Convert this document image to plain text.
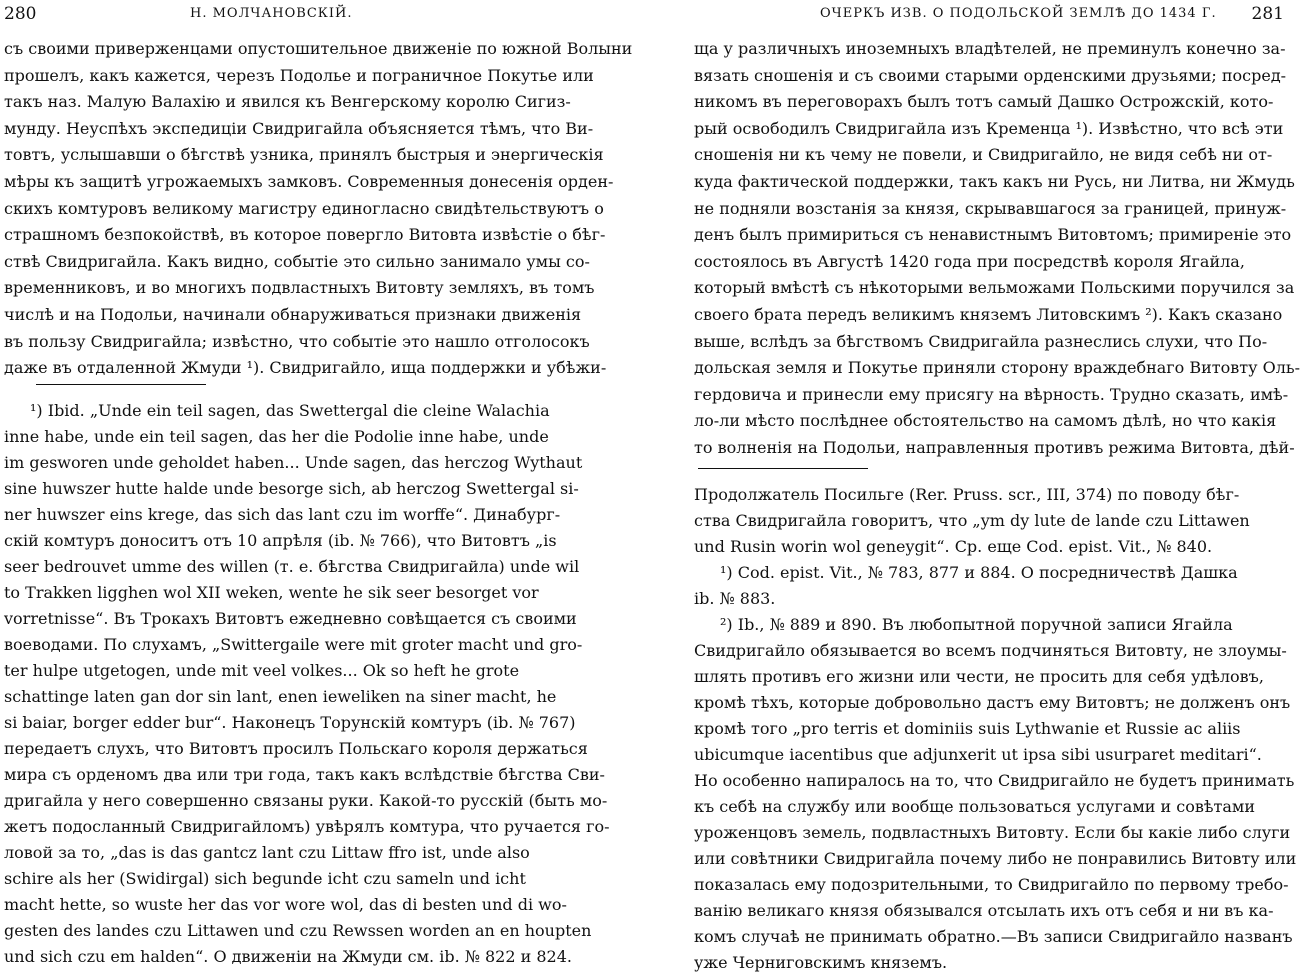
280	Н. МОЛЧАНОВСКIЙ.
съ своими приверженцами опустошительное движенiе по южной Волыни
прошелъ, какъ кажется, черезъ Подолье и пограничное Покутье или
такъ наз. Малую Валахiю и явился къ Венгерскому королю Сигиз-
мунду. Неуспѣхъ экспедицiи Свидригайла объясняется тѣмъ, что Ви-
товтъ, услышавши о бѣгствѣ узника, принялъ быстрыя и энергическiя
мѣры къ защитѣ угрожаемыхъ замковъ. Современныя донесенiя орден-
скихъ комтуровъ великому магистру единогласно свидѣтельствуютъ о
страшномъ безпокойствѣ, въ которое повергло Витовта извѣстiе о бѣг-
ствѣ Свидригайла. Какъ видно, событiе это сильно занимало умы со-
временниковъ, и во многихъ подвластныхъ Витовту земляхъ, въ томъ
числѣ и на Подольи, начинали обнаруживаться признаки движенiя
въ пользу Свидригайла; извѣстно, что событiе это нашло отголосокъ
даже въ отдаленной Жмуди ¹). Свидригайло, ища поддержки и убѣжи-
¹) Ibid. „Unde ein teil sagen, das Swettergal die cleine Walachia
inne habe, unde ein teil sagen, das her die Podolie inne habe, unde
im gesworen unde geholdet haben... Unde sagen, das herczog Wythaut
sine huwszer hutte halde unde besorge sich, ab herczog Swettergal si-
ner huwszer eins krege, das sich das lant czu im worffe“. Динабург-
скiй комтуръ доноситъ отъ 10 апрѣля (ib. № 766), что Витовтъ „is
seer bedrouvet umme des willen (т. е. бѣгства Свидригайла) unde wil
to Trakken ligghen wol XII weken, wente he sik seer besorget vor
vorretnisse“. Въ Трокахъ Витовтъ ежедневно совѣщается съ своими
воеводами. По слухамъ, „Swittergaile were mit groter macht und gro-
ter hulpe utgetogen, unde mit veel volkes... Ok so heft he grote
schattinge laten gan dor sin lant, enen ieweliken na siner macht, he
si baiar, borger edder bur“. Наконецъ Торунскiй комтуръ (ib. № 767)
передаетъ слухъ, что Витовтъ просилъ Польскаго короля держаться
мира съ орденомъ два или три года, такъ какъ вслѣдствiе бѣгства Сви-
дригайла у него совершенно связаны руки. Какой-то русскiй (быть мо-
жетъ подосланный Свидригайломъ) увѣрялъ комтура, что ручается го-
ловой за то, „das is das gantcz lant czu Littaw ffro ist, unde also
schire als her (Swidirgal) sich begunde icht czu sameln und icht
macht hette, so wuste her das vor wore wol, das di besten und di wo-
gesten des landes czu Littawen und czu Rewssen worden an en houpten
und sich czu em halden“. О движенiи на Жмуди см. ib. № 822 и 824.
ОЧЕРКЪ ИЗВ. О ПОДОЛЬСКОЙ ЗЕМЛѢ ДО 1434 Г. 281
ща у различныхъ иноземныхъ владѣтелей, не преминулъ конечно за-
вязать сношенiя и съ своими старыми орденскими друзьями; посред-
никомъ въ переговорахъ былъ тотъ самый Дашко Острожскiй, кото-
рый освободилъ Свидригайла изъ Кременца ¹). Извѣстно, что всѣ эти
сношенiя ни къ чему не повели, и Свидригайло, не видя себѣ ни от-
куда фактической поддержки, такъ какъ ни Русь, ни Литва, ни Жмудь
не подняли возстанiя за князя, скрывавшагося за границей, принуж-
денъ былъ примириться съ ненавистнымъ Витовтомъ; примиренiе это
состоялось въ Августѣ 1420 года при посредствѣ короля Ягайла,
который вмѣстѣ съ нѣкоторыми вельможами Польскими поручился за
своего брата передъ великимъ княземъ Литовскимъ ²). Какъ сказано
выше, вслѣдъ за бѣгствомъ Свидригайла разнеслись слухи, что По-
дольская земля и Покутье приняли сторону враждебнаго Витовту Оль-
гердовича и принесли ему присягу на вѣрность. Трудно сказать, имѣ-
ло-ли мѣсто послѣднее обстоятельство на самомъ дѣлѣ, но что какiя
то волненiя на Подольи, направленныя противъ режима Витовта, дѣй-
Продолжатель Посильге (Rer. Pruss. scr., III, 374) по поводу бѣг-
ства Свидригайла говоритъ, что „ym dy lute de lande czu Littawen
und Rusin worin wol geneygit“. Ср. еще Cod. epist. Vit., № 840.
¹) Cod. epist. Vit., № 783, 877 и 884. О посредничествѣ Дашка
ib. № 883.
²) Ib., № 889 и 890. Въ любопытной поручной записи Ягайла
Свидригайло обязывается во всемъ подчиняться Витовту, не злоумы-
шлять противъ его жизни или чести, не просить для себя удѣловъ,
кромѣ тѣхъ, которые добровольно дастъ ему Витовтъ; не долженъ онъ
кромѣ того „pro terris et dominiis suis Lythwanie et Russie ac aliis
ubicumque iacentibus que adjunxerit ut ipsa sibi usurparet meditari“.
Но особенно напиралось на то, что Свидригайло не будетъ принимать
къ себѣ на службу или вообще пользоваться услугами и совѣтами
уроженцовъ земель, подвластныхъ Витовту. Если бы какiе либо слуги
или совѣтники Свидригайла почему либо не понравились Витовту или
показалась ему подозрительными, то Свидригайло по первому требо-
ванiю великаго князя обязывался отсылать ихъ отъ себя и ни въ ка-
комъ случаѣ не принимать обратно.—Въ записи Свидригайло названъ
уже Черниговскимъ княземъ.
